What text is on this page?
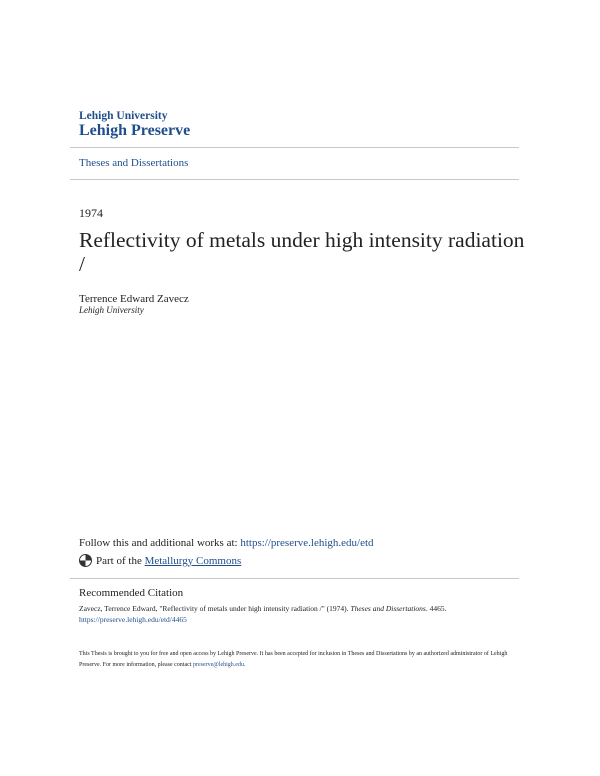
Lehigh University
Lehigh Preserve
Theses and Dissertations
1974
Reflectivity of metals under high intensity radiation /
Terrence Edward Zavecz
Lehigh University
Follow this and additional works at: https://preserve.lehigh.edu/etd
Part of the Metallurgy Commons
Recommended Citation
Zavecz, Terrence Edward, "Reflectivity of metals under high intensity radiation /" (1974). Theses and Dissertations. 4465.
https://preserve.lehigh.edu/etd/4465
This Thesis is brought to you for free and open access by Lehigh Preserve. It has been accepted for inclusion in Theses and Dissertations by an authorized administrator of Lehigh Preserve. For more information, please contact preserve@lehigh.edu.
